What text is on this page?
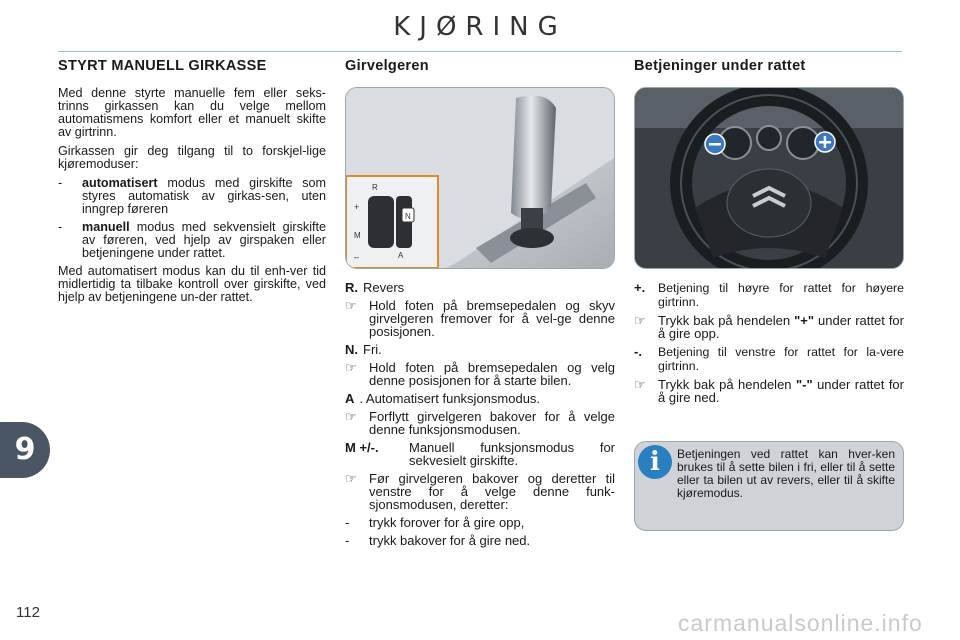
KJØRING
STYRT MANUELL GIRKASSE

Med denne styrte manuelle fem eller seks-trinns girkassen kan du velge mellom automatismens komfort eller et manuelt skifte av girtrinn.

Girkassen gir deg tilgang til to forskjel-lige kjøremoduser:

- automatisert modus med girskifte som styres automatisk av girkas-sen, uten inngrep føreren
- manuell modus med sekvensielt girskifte av føreren, ved hjelp av girspaken eller betjeningene under rattet.

Med automatisert modus kan du til enh-ver tid midlertidig ta tilbake kontroll over girskifte, ved hjelp av betjeningene un-der rattet.

Girvelgeren
R
N
A
+
M
–
R. Revers
☞ Hold foten på bremsepedalen og skyv girvelgeren fremover for å vel-ge denne posisjonen.
N. Fri.
☞ Hold foten på bremsepedalen og velg denne posisjonen for å starte bilen.
A . Automatisert funksjonsmodus.
☞ Forflytt girvelgeren bakover for å velge denne funksjonsmodusen.
M +/-. Manuell funksjonsmodus for sekvesielt girskifte.
☞ Før girvelgeren bakover og deretter til venstre for å velge denne funk-sjonsmodusen, deretter:
- trykk forover for å gire opp,
- trykk bakover for å gire ned.
Betjeninger under rattet
+. Betjening til høyre for rattet for høyere girtrinn.
☞ Trykk bak på hendelen "+" under rattet for å gire opp.
-. Betjening til venstre for rattet for la-vere girtrinn.
☞ Trykk bak på hendelen "-" under rattet for å gire ned.
i	Betjeningen ved rattet kan hver-ken brukes til å sette bilen i fri, eller til å sette eller ta bilen ut av revers, eller til å skifte kjøremodus.
9
112	carmanualsonline.info
